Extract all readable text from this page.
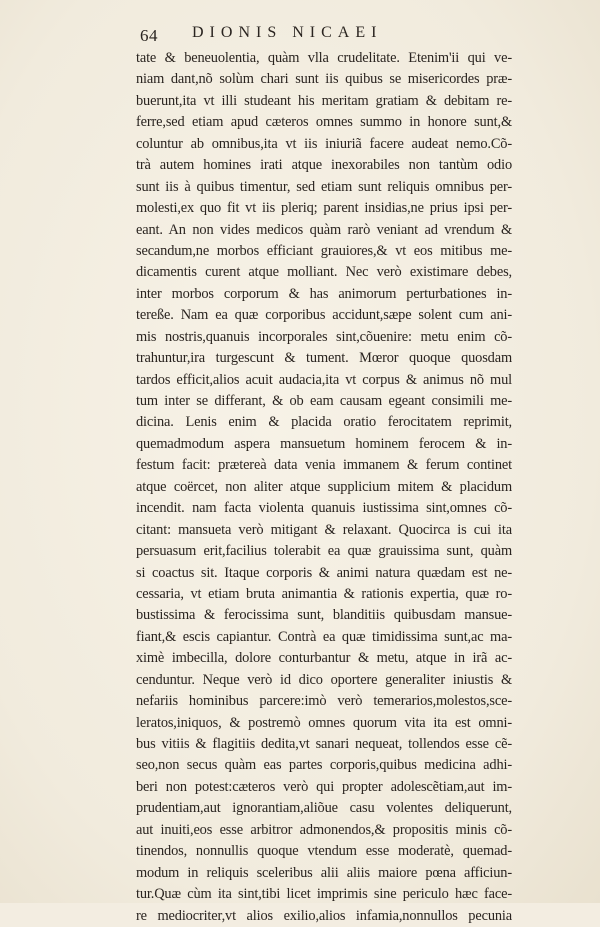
64 DIONIS NICAEI
tate & beneuolentia, quàm vlla crudelitate. Etenim'ii qui ve-
niam dant,nõ solùm chari sunt iis quibus se misericordes præ-
buerunt,ita vt illi studeant his meritam gratiam & debitam re-
ferre,sed etiam apud cæteros omnes summo in honore sunt,&
coluntur ab omnibus,ita vt iis iniuriã facere audeat nemo.Cõ-
trà autem homines irati atque inexorabiles non tantùm odio
sunt iis à quibus timentur, sed etiam sunt reliquis omnibus per-
molesti,ex quo fit vt iis pleriq; parent insidias,ne prius ipsi per-
eant. An non vides medicos quàm rarò veniant ad vrendum &
secandum,ne morbos efficiant grauiores,& vt eos mitibus me-
dicamentis curent atque molliant. Nec verò existimare debes,
inter morbos corporum & has animorum perturbationes in-
tereße. Nam ea quæ corporibus accidunt,sæpe solent cum ani-
mis nostris,quanuis incorporales sint,cõuenire: metu enim cõ-
trahuntur,ira turgescunt & tument. Mœror quoque quosdam
tardos efficit,alios acuit audacia,ita vt corpus & animus nõ mul
tum inter se differant, & ob eam causam egeant consimili me-
dicina. Lenis enim & placida oratio ferocitatem reprimit,
quemadmodum aspera mansuetum hominem ferocem & in-
festum facit: prætereà data venia immanem & ferum continet
atque coërcet, non aliter atque supplicium mitem & placidum
incendit. nam facta violenta quanuis iustissima sint,omnes cõ-
citant: mansueta verò mitigant & relaxant. Quocirca is cui ita
persuasum erit,facilius tolerabit ea quæ grauissima sunt, quàm
si coactus sit. Itaque corporis & animi natura quædam est ne-
cessaria, vt etiam bruta animantia & rationis expertia, quæ ro-
bustissima & ferocissima sunt, blanditiis quibusdam mansue-
fiant,& escis capiantur. Contrà ea quæ timidissima sunt,ac ma-
ximè imbecilla, dolore conturbantur & metu, atque in irã ac-
cenduntur. Neque verò id dico oportere generaliter iniustis &
nefariis hominibus parcere:imò verò temerarios,molestos,sce-
leratos,iniquos, & postremò omnes quorum vita ita est omni-
bus vitiis & flagitiis dedita,vt sanari nequeat, tollendos esse cẽ-
seo,non secus quàm eas partes corporis,quibus medicina adhi-
beri non potest:cæteros verò qui propter adolescẽtiam,aut im-
prudentiam,aut ignorantiam,aliõue casu volentes deliquerunt,
aut inuiti,eos esse arbitror admonendos,& propositis minis cõ-
tinendos, nonnullis quoque vtendum esse moderatè, quemad-
modum in reliquis sceleribus alii aliis maiore pœna afficiun-
tur.Quæ cùm ita sint,tibi licet imprimis sine periculo hæc face-
re mediocriter,vt alios exilio,alios infamia,nonnullos pecunia
